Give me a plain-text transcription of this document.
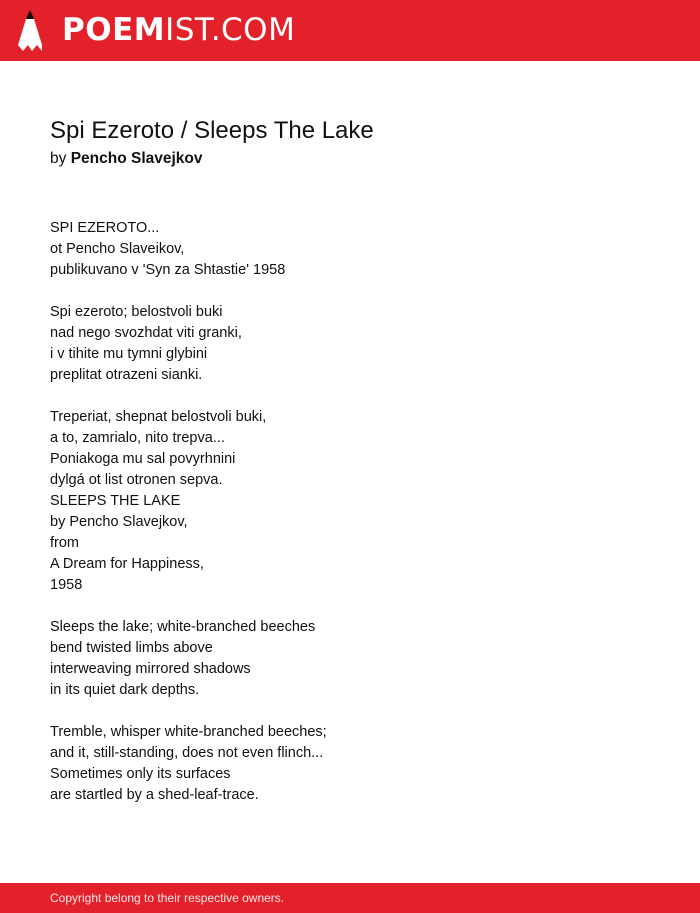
POEMIST.COM
Spi Ezeroto / Sleeps The Lake
by Pencho Slavejkov
SPI EZEROTO...
ot Pencho Slaveikov,
publikuvano v 'Syn za Shtastie' 1958
Spi ezeroto; belostvoli buki
nad nego svozhdat viti granki,
i v tihite mu tymni glybini
preplitat otrazeni sianki.
Treperiat, shepnat belostvoli buki,
a to, zamrialo, nito trepva...
Poniakoga mu sal povyrhnini
dylgá ot list otronen sepva.
SLEEPS THE LAKE
by Pencho Slavejkov,
from
A Dream for Happiness,
1958
Sleeps the lake; white-branched beeches
bend twisted limbs above
interweaving mirrored shadows
in its quiet dark depths.
Tremble, whisper white-branched beeches;
and it, still-standing, does not even flinch...
Sometimes only its surfaces
are startled by a shed-leaf-trace.
Copyright belong to their respective owners.
